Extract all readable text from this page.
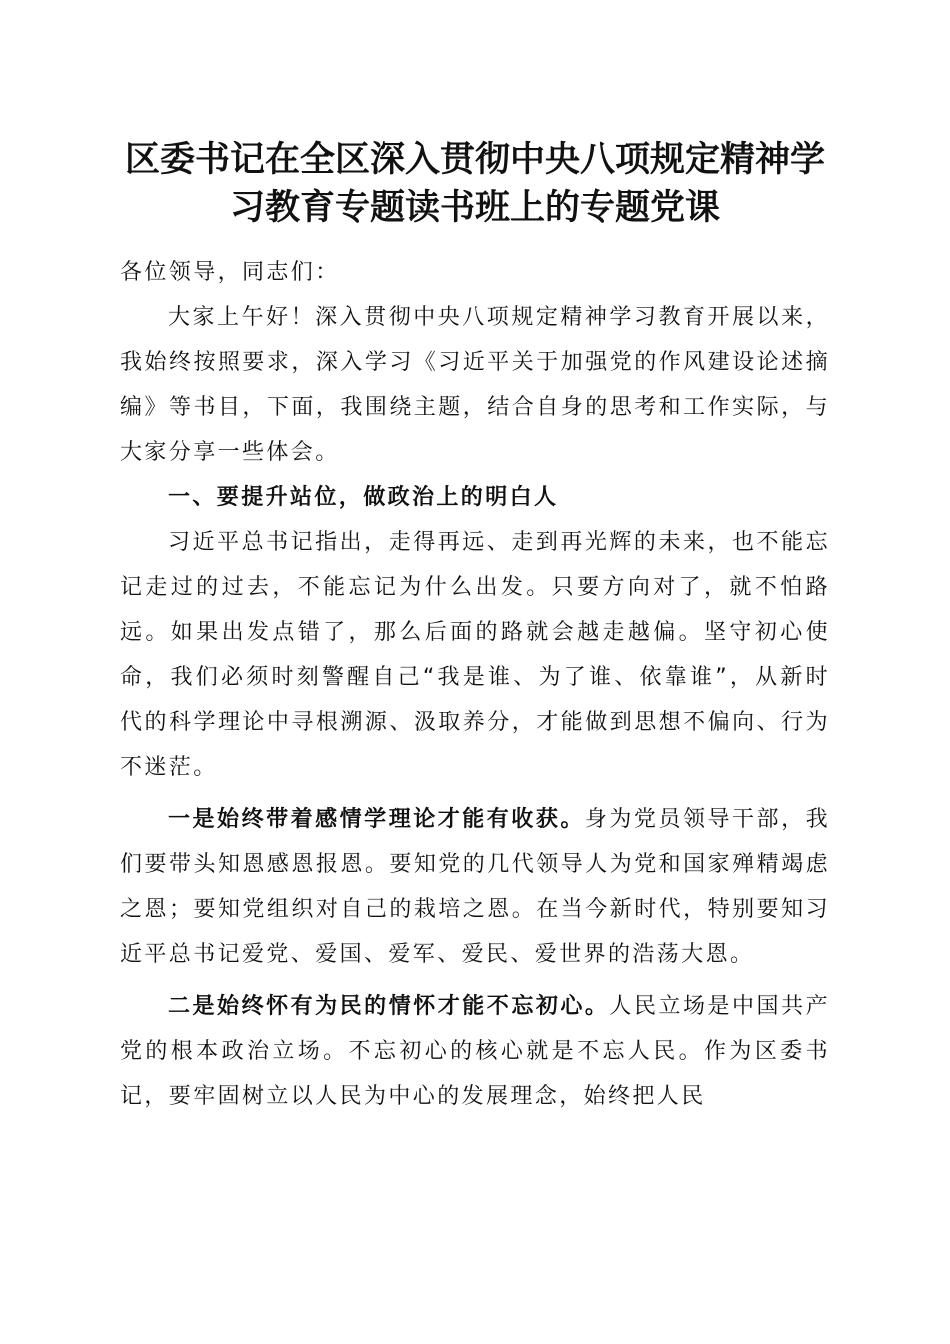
区委书记在全区深入贯彻中央八项规定精神学
习教育专题读书班上的专题党课

各位领导，同志们：

大家上午好！深入贯彻中央八项规定精神学习教育开展以来，我始终按照要求，深入学习《习近平关于加强党的作风建设论述摘编》等书目，下面，我围绕主题，结合自身的思考和工作实际，与大家分享一些体会。

一、要提升站位，做政治上的明白人

习近平总书记指出，走得再远、走到再光辉的未来，也不能忘记走过的过去，不能忘记为什么出发。只要方向对了，就不怕路远。如果出发点错了，那么后面的路就会越走越偏。坚守初心使命，我们必须时刻警醒自己“我是谁、为了谁、依靠谁”，从新时代的科学理论中寻根溯源、汲取养分，才能做到思想不偏向、行为不迷茫。

一是始终带着感情学理论才能有收获。身为党员领导干部，我们要带头知恩感恩报恩。要知党的几代领导人为党和国家殚精竭虑之恩；要知党组织对自己的栽培之恩。在当今新时代，特别要知习近平总书记爱党、爱国、爱军、爱民、爱世界的浩荡大恩。

二是始终怀有为民的情怀才能不忘初心。人民立场是中国共产党的根本政治立场。不忘初心的核心就是不忘人民。作为区委书记，要牢固树立以人民为中心的发展理念，始终把人民
